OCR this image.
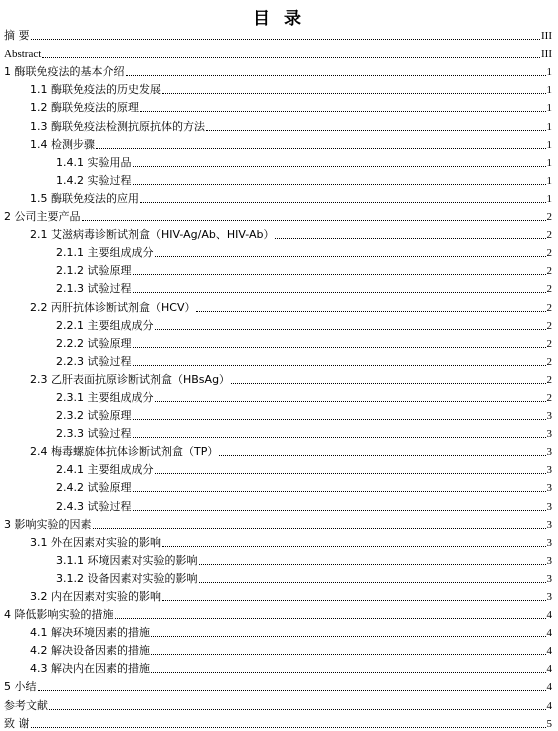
目 录
摘 要	III
Abstract	III
1 酶联免疫法的基本介绍	1
1.1 酶联免疫法的历史发展	1
1.2 酶联免疫法的原理	1
1.3 酶联免疫法检测抗原抗体的方法	1
1.4 检测步骤	1
1.4.1 实验用品	1
1.4.2 实验过程	1
1.5 酶联免疫法的应用	1
2 公司主要产品	2
2.1 艾滋病毒诊断试剂盒（HIV-Ag/Ab、HIV-Ab）	2
2.1.1 主要组成成分	2
2.1.2 试验原理	2
2.1.3 试验过程	2
2.2 丙肝抗体诊断试剂盒（HCV）	2
2.2.1 主要组成成分	2
2.2.2 试验原理	2
2.2.3 试验过程	2
2.3 乙肝表面抗原诊断试剂盒（HBsAg）	2
2.3.1 主要组成成分	2
2.3.2 试验原理	3
2.3.3 试验过程	3
2.4 梅毒螺旋体抗体诊断试剂盒（TP）	3
2.4.1 主要组成成分	3
2.4.2 试验原理	3
2.4.3 试验过程	3
3 影响实验的因素	3
3.1 外在因素对实验的影响	3
3.1.1 环境因素对实验的影响	3
3.1.2 设备因素对实验的影响	3
3.2 内在因素对实验的影响	3
4 降低影响实验的措施	4
4.1 解决环境因素的措施	4
4.2 解决设备因素的措施	4
4.3 解决内在因素的措施	4
5 小结	4
参考文献	4
致 谢	5
